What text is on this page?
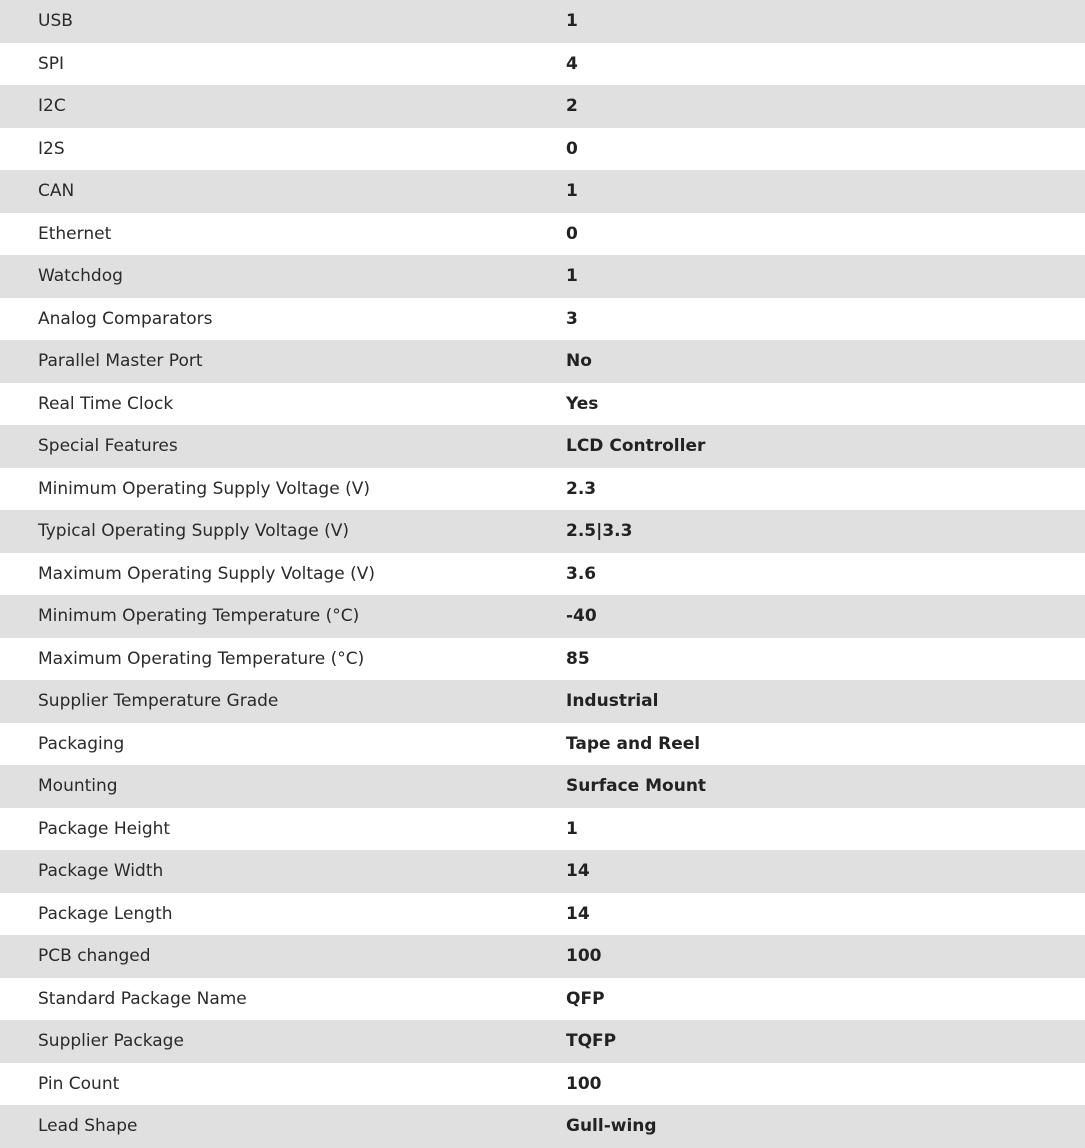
USB	1
SPI	4
I2C	2
I2S	0
CAN	1
Ethernet	0
Watchdog	1
Analog Comparators	3
Parallel Master Port	No
Real Time Clock	Yes
Special Features	LCD Controller
Minimum Operating Supply Voltage (V)	2.3
Typical Operating Supply Voltage (V)	2.5|3.3
Maximum Operating Supply Voltage (V)	3.6
Minimum Operating Temperature (°C)	-40
Maximum Operating Temperature (°C)	85
Supplier Temperature Grade	Industrial
Packaging	Tape and Reel
Mounting	Surface Mount
Package Height	1
Package Width	14
Package Length	14
PCB changed	100
Standard Package Name	QFP
Supplier Package	TQFP
Pin Count	100
Lead Shape	Gull-wing
